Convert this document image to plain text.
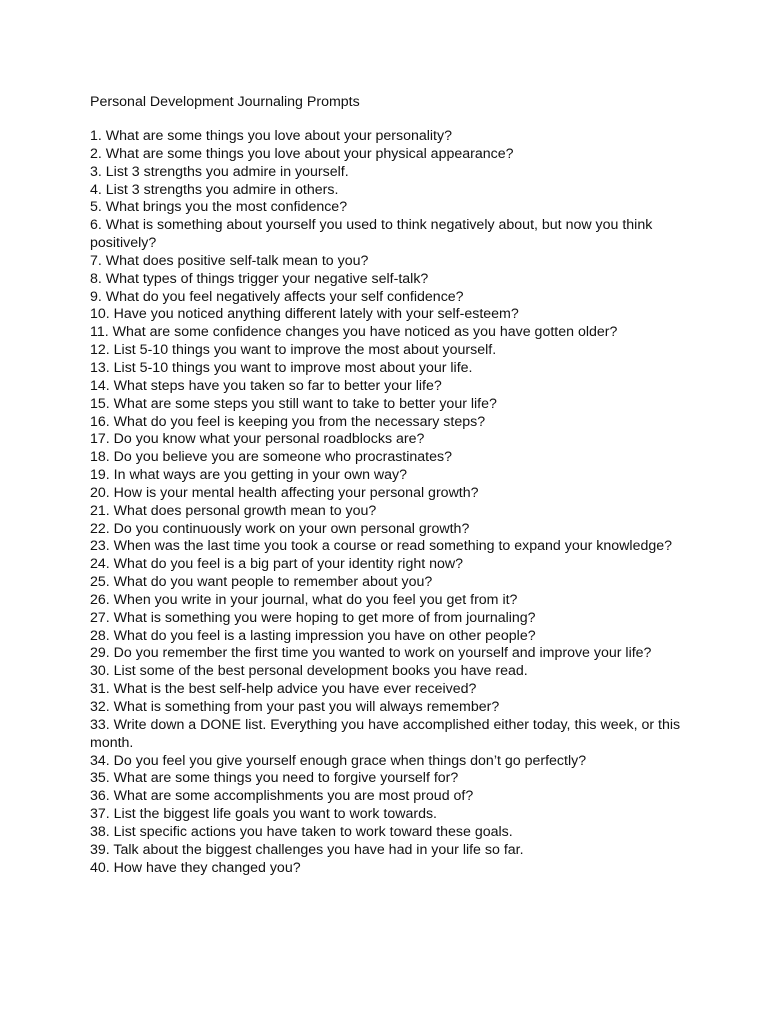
Personal Development Journaling Prompts
1. What are some things you love about your personality?
2. What are some things you love about your physical appearance?
3. List 3 strengths you admire in yourself.
4. List 3 strengths you admire in others.
5. What brings you the most confidence?
6. What is something about yourself you used to think negatively about, but now you think positively?
7. What does positive self-talk mean to you?
8. What types of things trigger your negative self-talk?
9. What do you feel negatively affects your self confidence?
10. Have you noticed anything different lately with your self-esteem?
11. What are some confidence changes you have noticed as you have gotten older?
12. List 5-10 things you want to improve the most about yourself.
13. List 5-10 things you want to improve most about your life.
14. What steps have you taken so far to better your life?
15. What are some steps you still want to take to better your life?
16. What do you feel is keeping you from the necessary steps?
17. Do you know what your personal roadblocks are?
18. Do you believe you are someone who procrastinates?
19. In what ways are you getting in your own way?
20. How is your mental health affecting your personal growth?
21. What does personal growth mean to you?
22. Do you continuously work on your own personal growth?
23. When was the last time you took a course or read something to expand your knowledge?
24. What do you feel is a big part of your identity right now?
25. What do you want people to remember about you?
26. When you write in your journal, what do you feel you get from it?
27. What is something you were hoping to get more of from journaling?
28. What do you feel is a lasting impression you have on other people?
29. Do you remember the first time you wanted to work on yourself and improve your life?
30. List some of the best personal development books you have read.
31. What is the best self-help advice you have ever received?
32. What is something from your past you will always remember?
33. Write down a DONE list. Everything you have accomplished either today, this week, or this month.
34. Do you feel you give yourself enough grace when things don’t go perfectly?
35. What are some things you need to forgive yourself for?
36. What are some accomplishments you are most proud of?
37. List the biggest life goals you want to work towards.
38. List specific actions you have taken to work toward these goals.
39. Talk about the biggest challenges you have had in your life so far.
40. How have they changed you?
